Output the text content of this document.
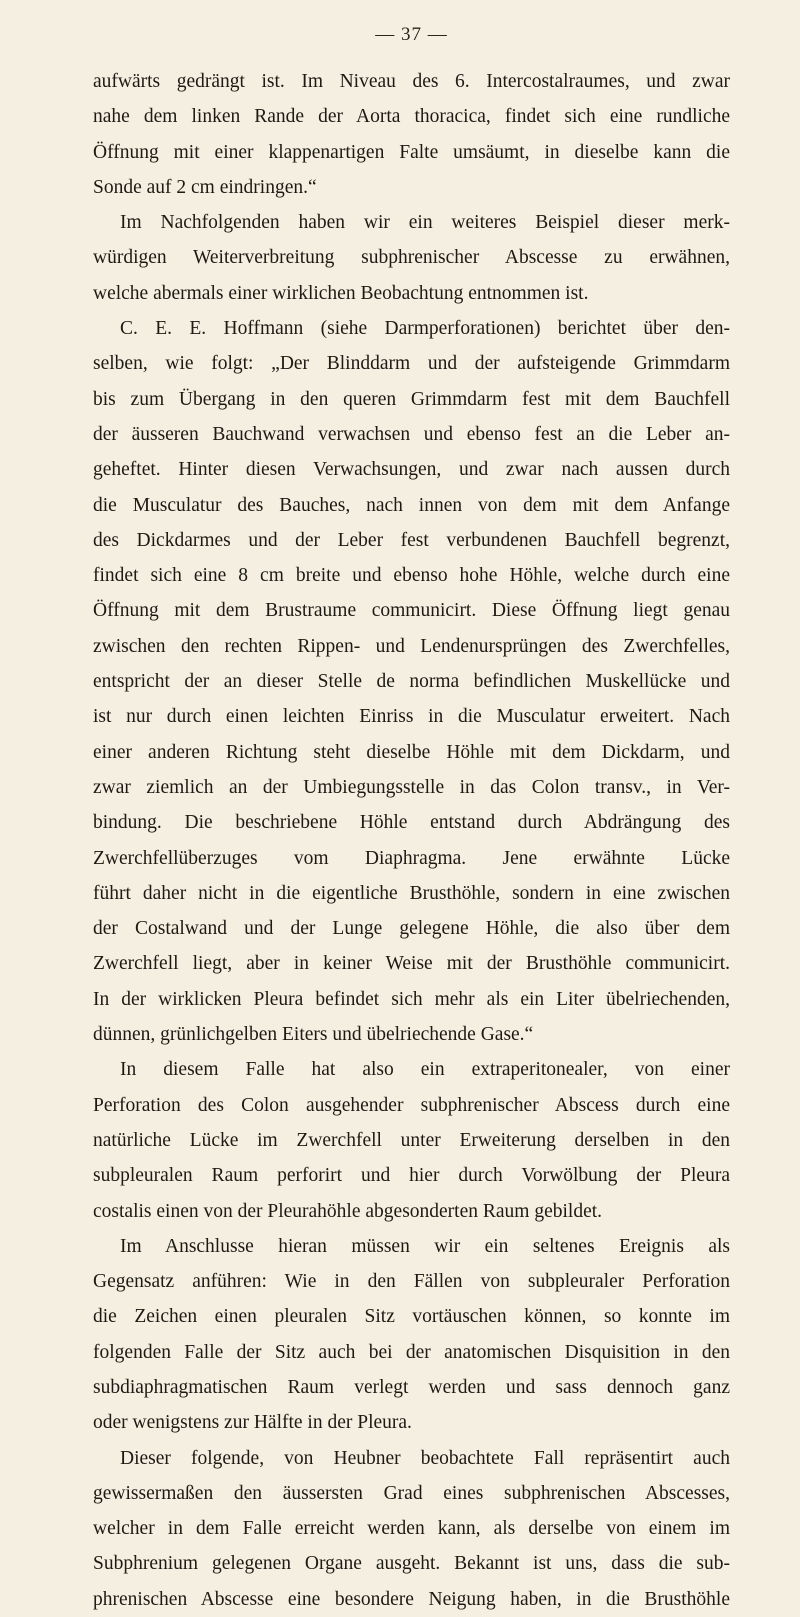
— 37 —
aufwärts gedrängt ist. Im Niveau des 6. Intercostalraumes, und zwar
nahe dem linken Rande der Aorta thoracica, findet sich eine rundliche
Öffnung mit einer klappenartigen Falte umsäumt, in dieselbe kann die
Sonde auf 2 cm eindringen.“
Im Nachfolgenden haben wir ein weiteres Beispiel dieser merk-
würdigen Weiterverbreitung subphrenischer Abscesse zu erwähnen,
welche abermals einer wirklichen Beobachtung entnommen ist.
C. E. E. Hoffmann (siehe Darmperforationen) berichtet über den-
selben, wie folgt: „Der Blinddarm und der aufsteigende Grimmdarm
bis zum Übergang in den queren Grimmdarm fest mit dem Bauchfell
der äusseren Bauchwand verwachsen und ebenso fest an die Leber an-
geheftet. Hinter diesen Verwachsungen, und zwar nach aussen durch
die Musculatur des Bauches, nach innen von dem mit dem Anfange
des Dickdarmes und der Leber fest verbundenen Bauchfell begrenzt,
findet sich eine 8 cm breite und ebenso hohe Höhle, welche durch eine
Öffnung mit dem Brustraume communicirt. Diese Öffnung liegt genau
zwischen den rechten Rippen- und Lendenursprüngen des Zwerchfelles,
entspricht der an dieser Stelle de norma befindlichen Muskellücke und
ist nur durch einen leichten Einriss in die Musculatur erweitert. Nach
einer anderen Richtung steht dieselbe Höhle mit dem Dickdarm, und
zwar ziemlich an der Umbiegungsstelle in das Colon transv., in Ver-
bindung. Die beschriebene Höhle entstand durch Abdrängung des
Zwerchfellüberzuges vom Diaphragma. Jene erwähnte Lücke
führt daher nicht in die eigentliche Brusthöhle, sondern in eine zwischen
der Costalwand und der Lunge gelegene Höhle, die also über dem
Zwerchfell liegt, aber in keiner Weise mit der Brusthöhle communicirt.
In der wirklicken Pleura befindet sich mehr als ein Liter übelriechenden,
dünnen, grünlichgelben Eiters und übelriechende Gase.“
In diesem Falle hat also ein extraperitonealer, von einer
Perforation des Colon ausgehender subphrenischer Abscess durch eine
natürliche Lücke im Zwerchfell unter Erweiterung derselben in den
subpleuralen Raum perforirt und hier durch Vorwölbung der Pleura
costalis einen von der Pleurahöhle abgesonderten Raum gebildet.
Im Anschlusse hieran müssen wir ein seltenes Ereignis als
Gegensatz anführen: Wie in den Fällen von subpleuraler Perforation
die Zeichen einen pleuralen Sitz vortäuschen können, so konnte im
folgenden Falle der Sitz auch bei der anatomischen Disquisition in den
subdiaphragmatischen Raum verlegt werden und sass dennoch ganz
oder wenigstens zur Hälfte in der Pleura.
Dieser folgende, von Heubner beobachtete Fall repräsentirt auch
gewissermaßen den äussersten Grad eines subphrenischen Abscesses,
welcher in dem Falle erreicht werden kann, als derselbe von einem im
Subphrenium gelegenen Organe ausgeht. Bekannt ist uns, dass die sub-
phrenischen Abscesse eine besondere Neigung haben, in die Brusthöhle
